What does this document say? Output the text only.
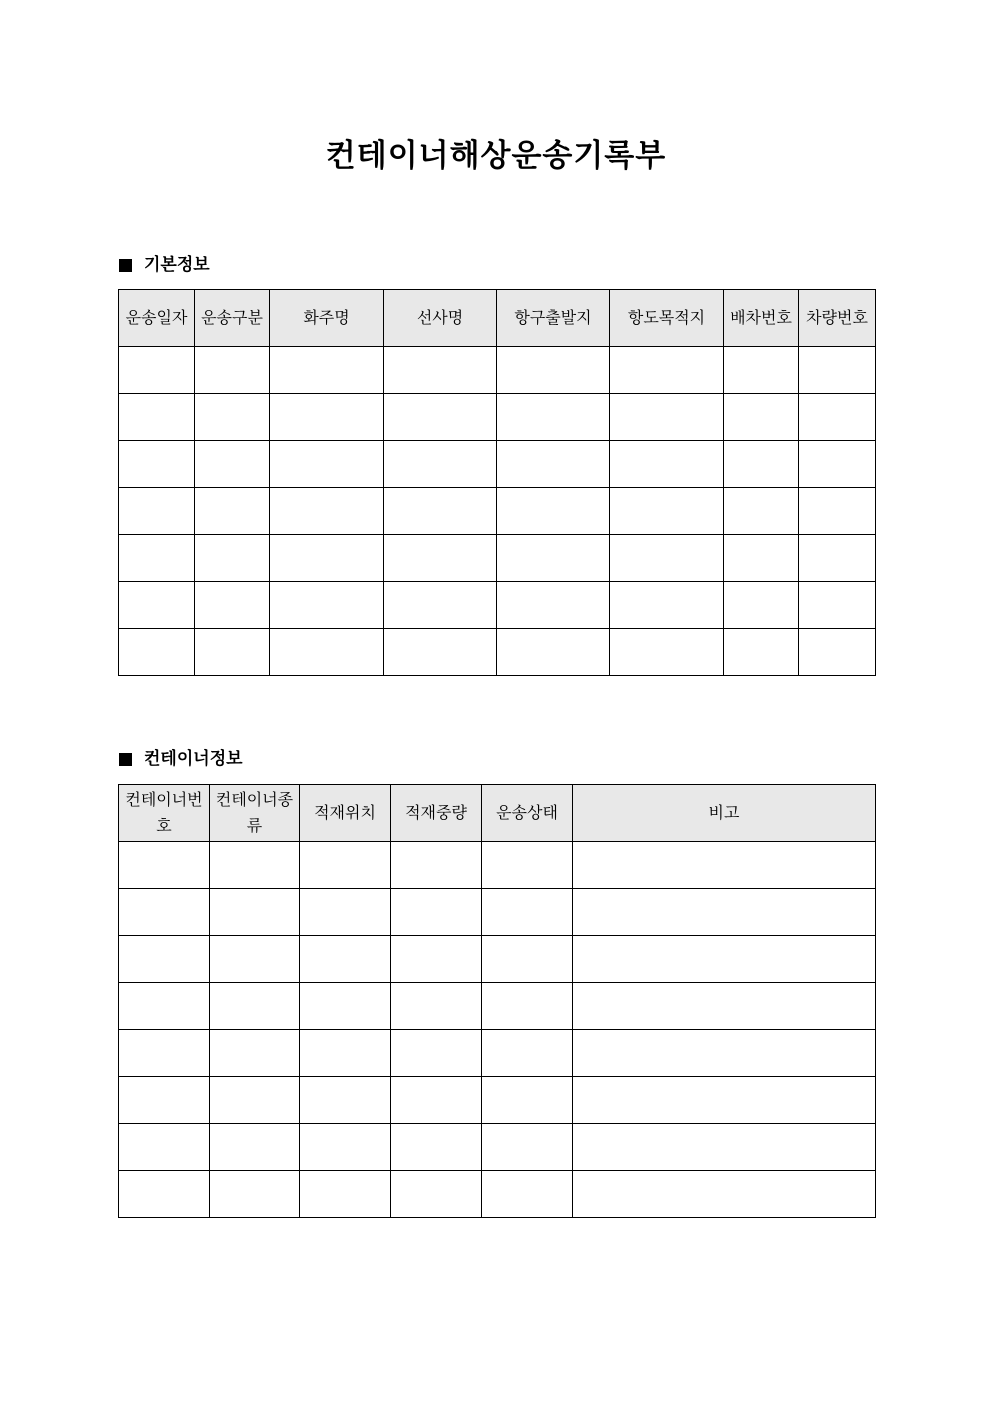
컨테이너해상운송기록부
기본정보
운송일자	운송구분	화주명	선사명	항구출발지	항도목적지	배차번호	차량번호

컨테이너정보
컨테이너번호	컨테이너종류	적재위치	적재중량	운송상태	비고
